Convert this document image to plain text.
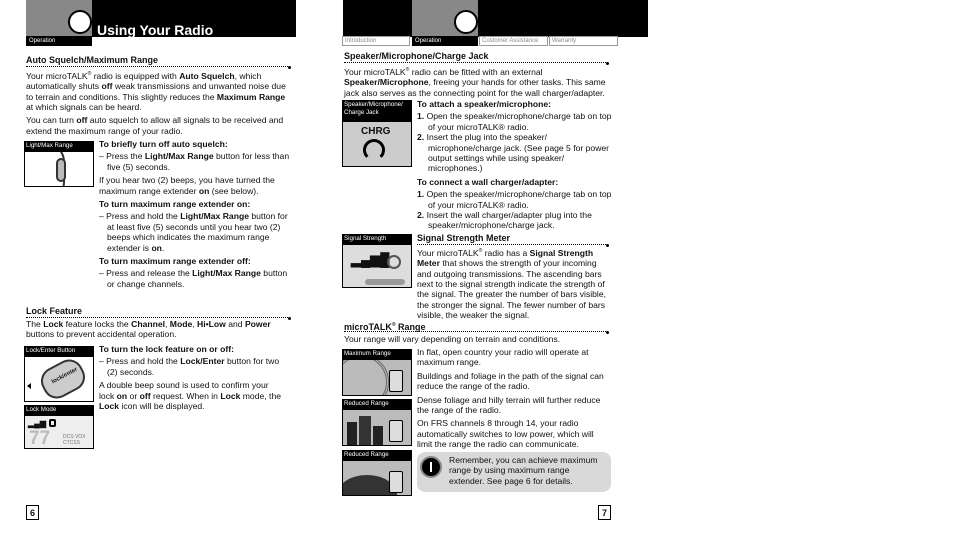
Operation
Using Your Radio
Auto Squelch/Maximum Range

Your microTALK® radio is equipped with Auto Squelch, which automatically shuts off weak transmissions and unwanted noise due to terrain and conditions. This slightly reduces the Maximum Range at which signals can be heard.

You can turn off auto squelch to allow all signals to be received and extend the maximum range of your radio.

Light/Max Range	To briefly turn off auto squelch:

– Press the Light/Max Range button for less than five (5) seconds.

If you hear two (2) beeps, you have turned the maximum range extender on (see below).

To turn maximum range extender on:

– Press and hold the Light/Max Range button for at least five (5) seconds until you hear two (2) beeps which indicates the maximum range extender is on.

To turn maximum range extender off:

– Press and release the Light/Max Range button or change channels.

Lock Feature
The Lock feature locks the Channel, Mode, Hi•Low and Power buttons to prevent accidental operation.
Lock/Enter Button
lock/enter
Lock Mode
▂▄▆
77	DCS VOX
CTCSS

To turn the lock feature on or off:

– Press and hold the Lock/Enter button for two (2) seconds.

A double beep sound is used to confirm your lock on or off request. When in Lock mode, the Lock icon will be displayed.

6
Introduction	Operation	Customer Assistance	Warranty
Speaker/Microphone/Charge Jack
Your microTALK® radio can be fitted with an external Speaker/Microphone, freeing your hands for other tasks. This same jack also serves as the connecting point for the wall charger/adapter.
Speaker/Microphone/ Charge Jack
CHRG

To attach a speaker/microphone:

1. Open the speaker/microphone/charge tab on top of your microTALK® radio.

2. Insert the plug into the speaker/ microphone/charge jack. (See page 5 for power output settings while using speaker/ microphones.)

To connect a wall charger/adapter:

1. Open the speaker/microphone/charge tab on top of your microTALK® radio.

2. Insert the wall charger/adapter plug into the speaker/microphone/charge jack.

Signal Strength
▂▄▆█
Signal Strength Meter
Your microTALK® radio has a Signal Strength Meter that shows the strength of your incoming and outgoing transmissions. The ascending bars next to the signal strength indicate the strength of the signal. The greater the number of bars visible, the stronger the signal. The fewer number of bars visible, the weaker the signal.
microTALK® Range
Your range will vary depending on terrain and conditions.
Maximum Range
Reduced Range
Reduced Range

In flat, open country your radio will operate at maximum range.

Buildings and foliage in the path of the signal can reduce the range of the radio.

Dense foliage and hilly terrain will further reduce the range of the radio.

On FRS channels 8 through 14, your radio automatically switches to low power, which will limit the range the radio can communicate.

Remember, you can achieve maximum range by using maximum range extender. See page 6 for details.
7
